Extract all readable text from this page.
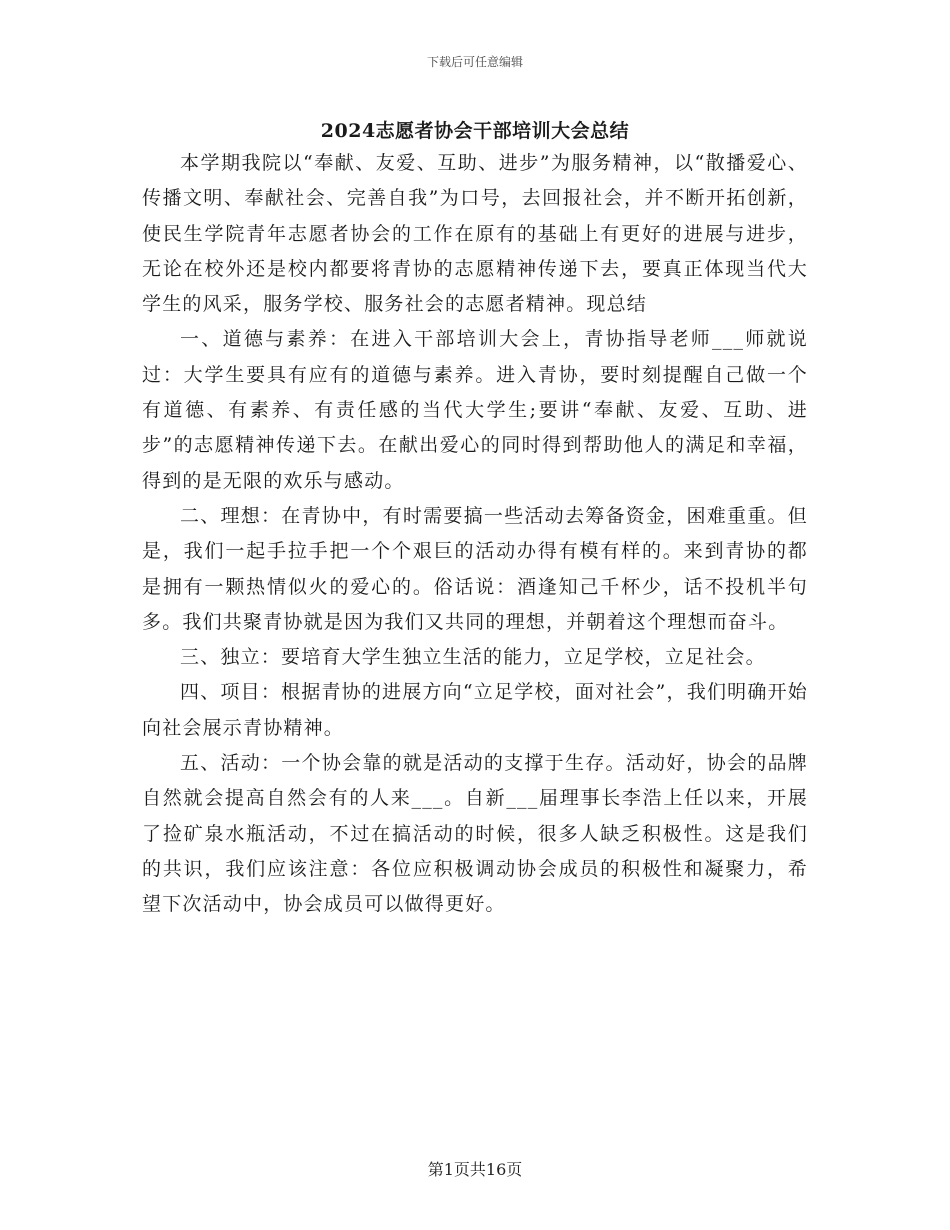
下载后可任意编辑
2024志愿者协会干部培训大会总结

本学期我院以“奉献、友爱、互助、进步”为服务精神，以“散播爱心、传播文明、奉献社会、完善自我”为口号，去回报社会，并不断开拓创新，使民生学院青年志愿者协会的工作在原有的基础上有更好的进展与进步，无论在校外还是校内都要将青协的志愿精神传递下去，要真正体现当代大学生的风采，服务学校、服务社会的志愿者精神。现总结

一、道德与素养：在进入干部培训大会上，青协指导老师___师就说过：大学生要具有应有的道德与素养。进入青协，要时刻提醒自己做一个有道德、有素养、有责任感的当代大学生;要讲“奉献、友爱、互助、进步”的志愿精神传递下去。在献出爱心的同时得到帮助他人的满足和幸福，得到的是无限的欢乐与感动。

二、理想：在青协中，有时需要搞一些活动去筹备资金，困难重重。但是，我们一起手拉手把一个个艰巨的活动办得有模有样的。来到青协的都是拥有一颗热情似火的爱心的。俗话说：酒逢知己千杯少，话不投机半句多。我们共聚青协就是因为我们又共同的理想，并朝着这个理想而奋斗。

三、独立：要培育大学生独立生活的能力，立足学校，立足社会。

四、项目：根据青协的进展方向“立足学校，面对社会”，我们明确开始向社会展示青协精神。

五、活动：一个协会靠的就是活动的支撑于生存。活动好，协会的品牌自然就会提高自然会有的人来___。自新___届理事长李浩上任以来，开展了捡矿泉水瓶活动，不过在搞活动的时候，很多人缺乏积极性。这是我们的共识，我们应该注意：各位应积极调动协会成员的积极性和凝聚力，希望下次活动中，协会成员可以做得更好。

第1页共16页
